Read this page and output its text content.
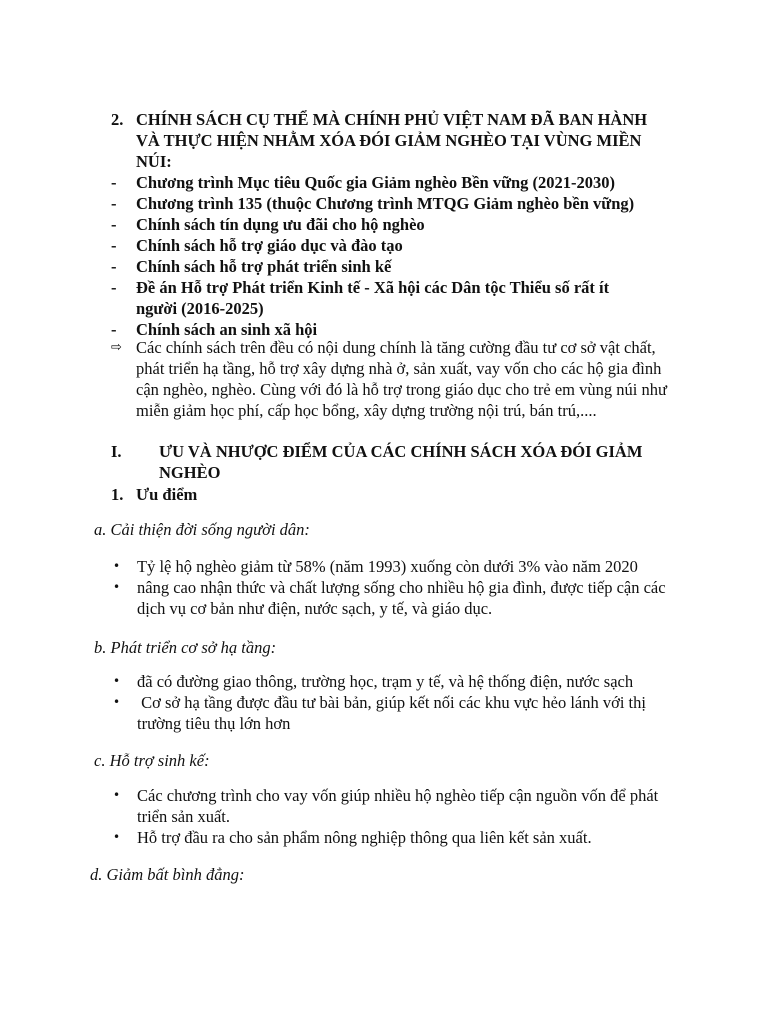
2. CHÍNH SÁCH CỤ THỂ MÀ CHÍNH PHỦ VIỆT NAM ĐÃ BAN HÀNH VÀ THỰC HIỆN NHẰM XÓA ĐÓI GIẢM NGHÈO TẠI VÙNG MIỀN NÚI:
- Chương trình Mục tiêu Quốc gia Giảm nghèo Bền vững (2021-2030)
- Chương trình 135 (thuộc Chương trình MTQG Giảm nghèo bền vững)
- Chính sách tín dụng ưu đãi cho hộ nghèo
- Chính sách hỗ trợ giáo dục và đào tạo
- Chính sách hỗ trợ phát triển sinh kế
- Đề án Hỗ trợ Phát triển Kinh tế - Xã hội các Dân tộc Thiểu số rất ít người (2016-2025)
- Chính sách an sinh xã hội
⇨ Các chính sách trên đều có nội dung chính là tăng cường đầu tư cơ sở vật chất, phát triển hạ tầng, hỗ trợ xây dựng nhà ở, sản xuất, vay vốn cho các hộ gia đình cận nghèo, nghèo. Cùng với đó là hỗ trợ trong giáo dục cho trẻ em vùng núi như miễn giảm học phí, cấp học bổng, xây dựng trường nội trú, bán trú,....
I. ƯU VÀ NHƯỢC ĐIỂM CỦA CÁC CHÍNH SÁCH XÓA ĐÓI GIẢM NGHÈO
1. Ưu điểm
a. Cải thiện đời sống người dân:
• Tỷ lệ hộ nghèo giảm từ 58% (năm 1993) xuống còn dưới 3% vào năm 2020
• nâng cao nhận thức và chất lượng sống cho nhiều hộ gia đình, được tiếp cận các dịch vụ cơ bản như điện, nước sạch, y tế, và giáo dục.
b. Phát triển cơ sở hạ tầng:
• đã có đường giao thông, trường học, trạm y tế, và hệ thống điện, nước sạch
• Cơ sở hạ tầng được đầu tư bài bản, giúp kết nối các khu vực hẻo lánh với thị trường tiêu thụ lớn hơn
c. Hỗ trợ sinh kế:
• Các chương trình cho vay vốn giúp nhiều hộ nghèo tiếp cận nguồn vốn để phát triển sản xuất.
• Hỗ trợ đầu ra cho sản phẩm nông nghiệp thông qua liên kết sản xuất.
d. Giảm bất bình đẳng:
